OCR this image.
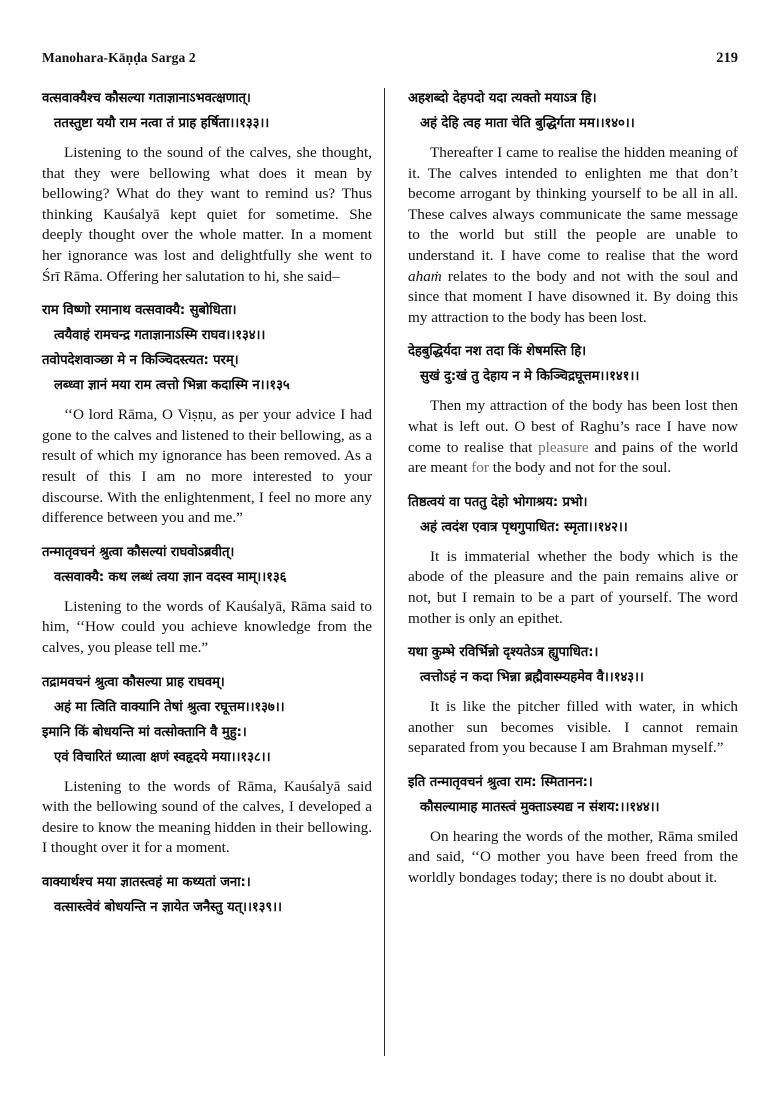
Manohara-Kāṇḍa Sarga 2	219
वत्सवाक्यैश्च कौसल्या गताज्ञानाऽभवत्क्षणात्।
ततस्तुष्टा ययौ राम नत्वा तं प्राह हर्षिता।।१३३।।

Listening to the sound of the calves, she thought, that they were bellowing what does it mean by bellowing? What do they want to remind us? Thus thinking Kauśalyā kept quiet for sometime. She deeply thought over the whole matter. In a moment her ignorance was lost and delightfully she went to Śrī Rāma. Offering her salutation to hi, she said–

राम विष्णो रमानाथ वत्सवाक्यै: सुबोधिता।
त्वयैवाहं रामचन्द्र गताज्ञानाऽस्मि राघव।।१३४।।
तवोपदेशवाञ्छा मे न किञ्चिदस्त्यत: परम्।
लब्ध्वा ज्ञानं मया राम त्वत्तो भिन्ना कदास्मि न।।१३५

‘‘O lord Rāma, O Viṣṇu, as per your advice I had gone to the calves and listened to their bellowing, as a result of which my ignorance has been removed. As a result of this I am no more interested to your discourse. With the enlightenment, I feel no more any difference between you and me.”

तन्मातृवचनं श्रुत्वा कौसल्यां राघवोऽब्रवीत्।
वत्सवाक्यै: कथ लब्धं त्वया ज्ञान वदस्व माम्।।१३६

Listening to the words of Kauśalyā, Rāma said to him, ‘‘How could you achieve knowledge from the calves, you please tell me.”

तद्रामवचनं श्रुत्वा कौसल्या प्राह राघवम्।
अहं मा त्विति वाक्यानि तेषां श्रुत्वा रघूत्तम।।१३७।।
इमानि किं बोधयन्ति मां वत्सोक्तानि वै मुहु:।
एवं विचारितं ध्यात्वा क्षणं स्वहृदये मया।।१३८।।

Listening to the words of Rāma, Kauśalyā said with the bellowing sound of the calves, I developed a desire to know the meaning hidden in their bellowing. I thought over it for a moment.

वाक्यार्थश्च मया ज्ञातस्त्वहं मा कथ्यतां जना:।
वत्सास्त्वेवं बोधयन्ति न ज्ञायेत जनैस्तु यत्।।१३९।।
अहशब्दो देहपदो यदा त्यक्तो मयाऽत्र हि।
अहं देहि त्वह माता चेति बुद्धिर्गता मम।।१४०।।

Thereafter I came to realise the hidden meaning of it. The calves intended to enlighten me that don’t become arrogant by thinking yourself to be all in all. These calves always communicate the same message to the world but still the people are unable to understand it. I have come to realise that the word ahaṁ relates to the body and not with the soul and since that moment I have disowned it. By doing this my attraction to the body has been lost.

देहबुद्धिर्यदा नश तदा किं शेषमस्ति हि।
सुखं दु:खं तु देहाय न मे किञ्चिद्रघूत्तम।।१४१।।

Then my attraction of the body has been lost then what is left out. O best of Raghu’s race I have now come to realise that pleasure and pains of the world are meant for the body and not for the soul.

तिष्ठत्वयं वा पततु देहो भोगाश्रय: प्रभो।
अहं त्वदंश एवात्र पृथगुपाधित: स्मृता।।१४२।।

It is immaterial whether the body which is the abode of the pleasure and the pain remains alive or not, but I remain to be a part of yourself. The word mother is only an epithet.

यथा कुम्भे रविर्भिन्नो दृश्यतेऽत्र ह्युपाधित:।
त्वत्तोऽहं न कदा भिन्ना ब्रह्मैवास्म्यहमेव वै।।१४३।।

It is like the pitcher filled with water, in which another sun becomes visible. I cannot remain separated from you because I am Brahman myself.”

इति तन्मातृवचनं श्रुत्वा राम: स्मितानन:।
कौसल्यामाह मातस्त्वं मुक्ताऽस्यद्य न संशय:।।१४४।।

On hearing the words of the mother, Rāma smiled and said, ‘‘O mother you have been freed from the worldly bondages today; there is no doubt about it.
